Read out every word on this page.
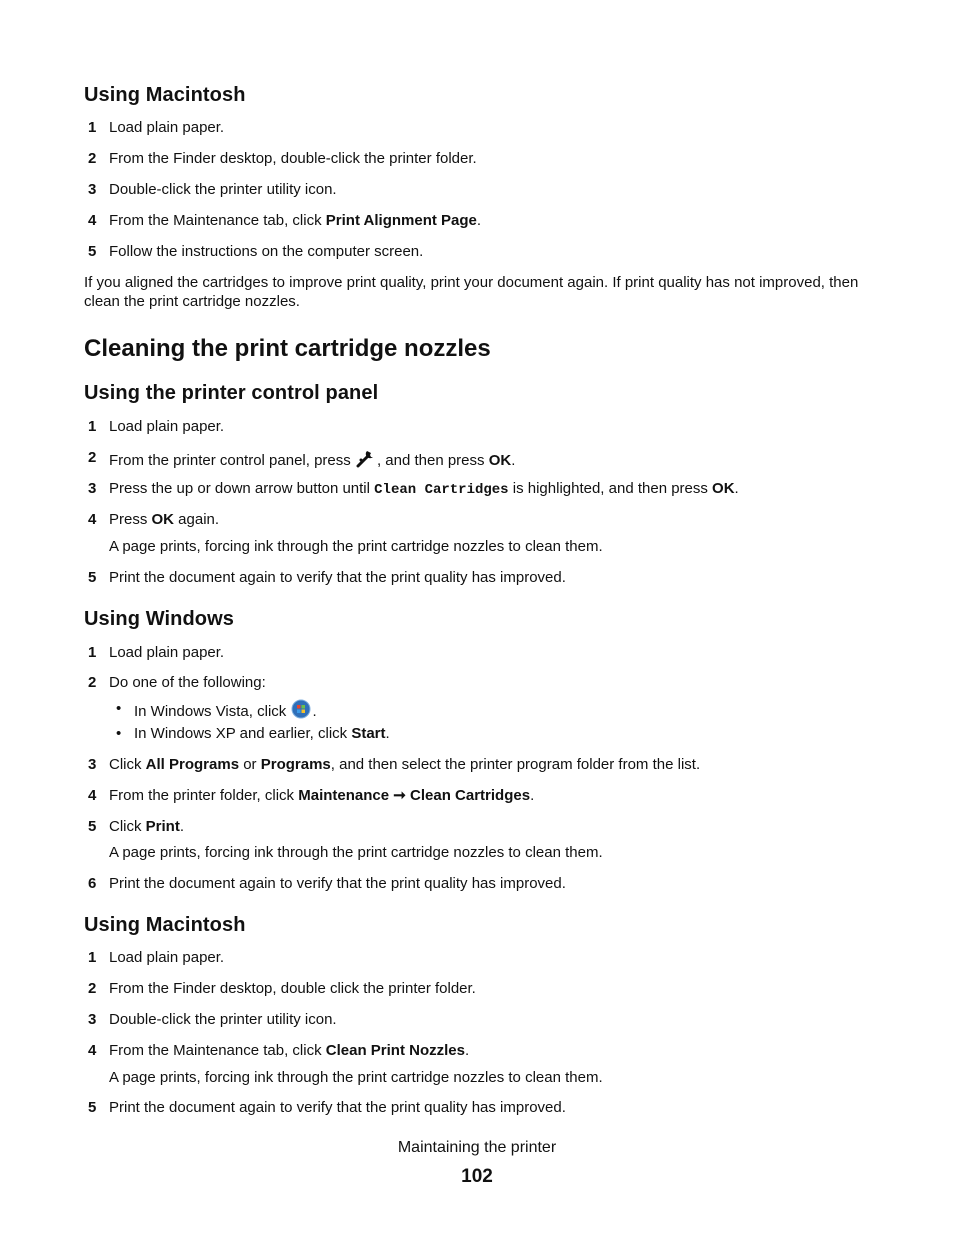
Using Macintosh
1 Load plain paper.
2 From the Finder desktop, double-click the printer folder.
3 Double-click the printer utility icon.
4 From the Maintenance tab, click Print Alignment Page.
5 Follow the instructions on the computer screen.

If you aligned the cartridges to improve print quality, print your document again. If print quality has not improved, then clean the print cartridge nozzles.

Cleaning the print cartridge nozzles
Using the printer control panel
1 Load plain paper.
2 From the printer control panel, press , and then press OK.
3 Press the up or down arrow button until Clean Cartridges is highlighted, and then press OK.
4 Press OK again.
A page prints, forcing ink through the print cartridge nozzles to clean them.
5 Print the document again to verify that the print quality has improved.
Using Windows
1 Load plain paper.
2 Do one of the following:
• In Windows Vista, click .
• In Windows XP and earlier, click Start.
3 Click All Programs or Programs, and then select the printer program folder from the list.
4 From the printer folder, click Maintenance ➞ Clean Cartridges.
5 Click Print.
A page prints, forcing ink through the print cartridge nozzles to clean them.
6 Print the document again to verify that the print quality has improved.
Using Macintosh
1 Load plain paper.
2 From the Finder desktop, double click the printer folder.
3 Double-click the printer utility icon.
4 From the Maintenance tab, click Clean Print Nozzles.
A page prints, forcing ink through the print cartridge nozzles to clean them.
5 Print the document again to verify that the print quality has improved.
Maintaining the printer
102
